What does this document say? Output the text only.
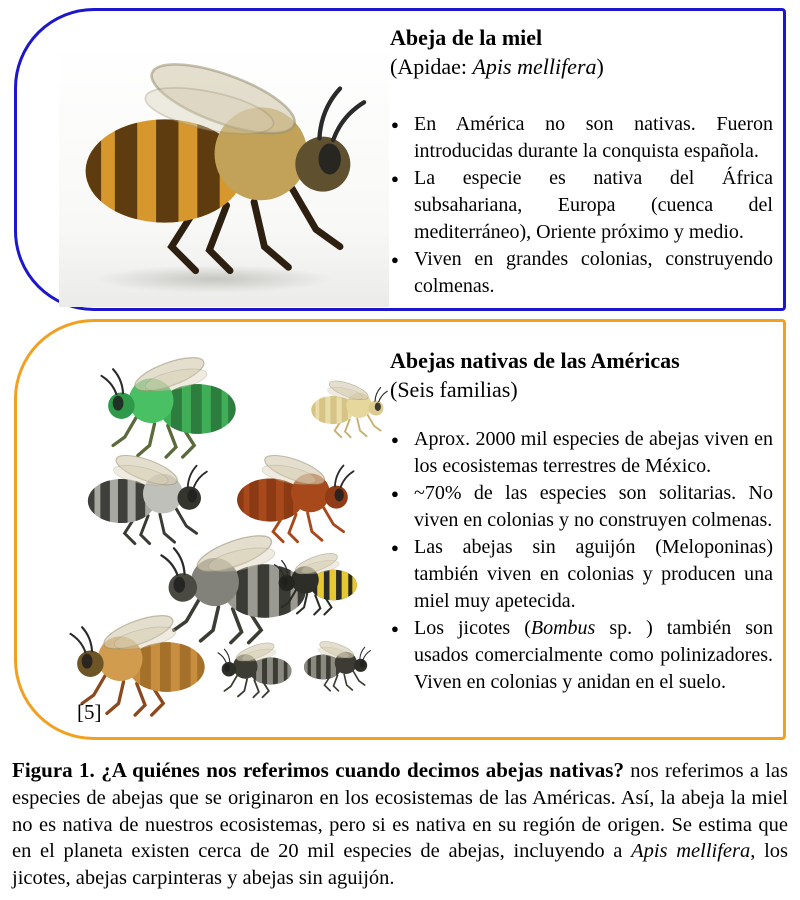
Abeja de la miel

(Apidae: Apis mellifera)

● En América no son nativas. Fueron introducidas durante la conquista española.
● La especie es nativa del África subsahariana, Europa (cuenca del mediterráneo), Oriente próximo y medio.
● Viven en grandes colonias, construyendo colmenas.
[5]
Abejas nativas de las Américas

(Seis familias)

● Aprox. 2000 mil especies de abejas viven en los ecosistemas terrestres de México.
● ~70% de las especies son solitarias. No viven en colonias y no construyen colmenas.
● Las abejas sin aguijón (Meloponinas) también viven en colonias y producen una miel muy apetecida.
● Los jicotes (Bombus sp. ) también son usados comercialmente como polinizadores. Viven en colonias y anidan en el suelo.

Figura 1. ¿A quiénes nos referimos cuando decimos abejas nativas? nos referimos a las especies de abejas que se originaron en los ecosistemas de las Américas. Así, la abeja la miel no es nativa de nuestros ecosistemas, pero si es nativa en su región de origen. Se estima que en el planeta existen cerca de 20 mil especies de abejas, incluyendo a Apis mellifera, los jicotes, abejas carpinteras y abejas sin aguijón.
